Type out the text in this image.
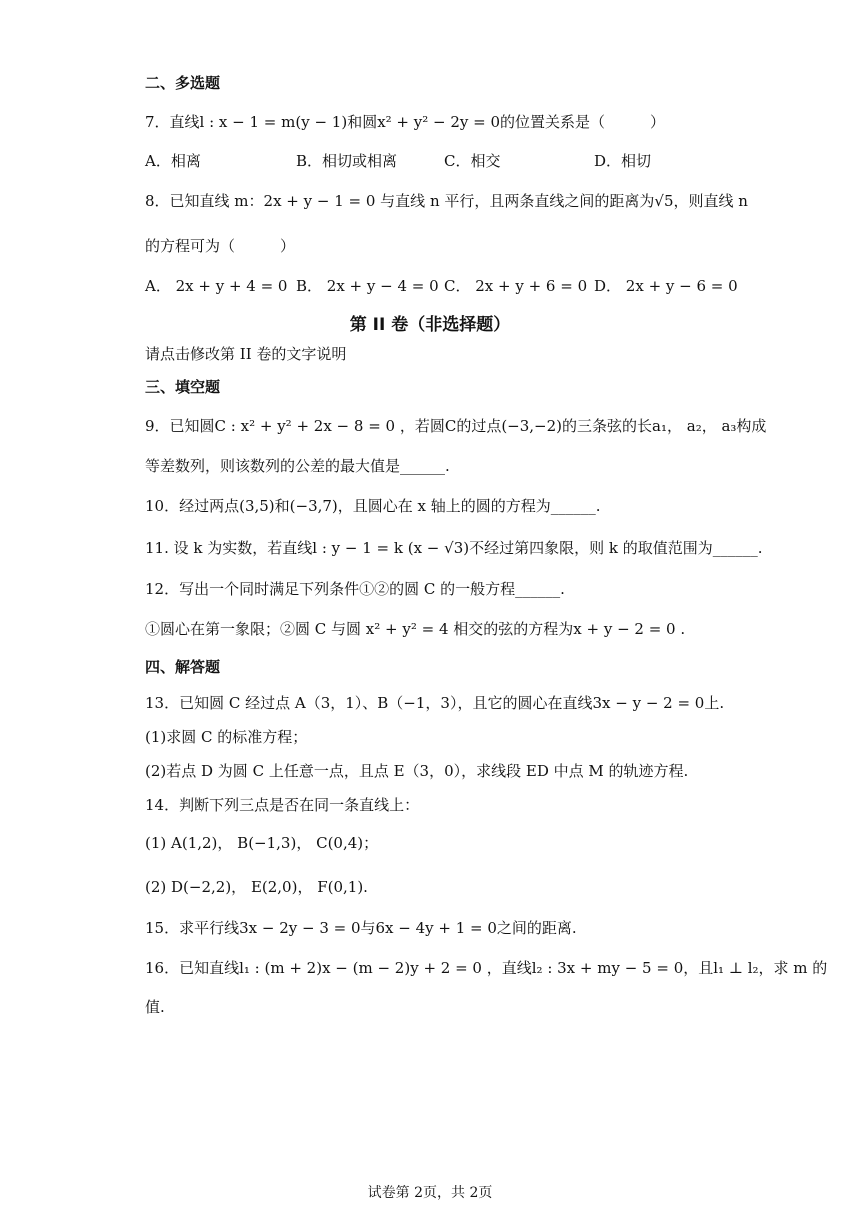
二、多选题
7．直线l : x − 1 = m(y − 1)和圆x² + y² − 2y = 0的位置关系是（　　　）
A．相离	B．相切或相离	C．相交	D．相切
8．已知直线 m：2x + y − 1 = 0 与直线 n 平行，且两条直线之间的距离为√5，则直线 n
的方程可为（　　　）
A． 2x + y + 4 = 0 B． 2x + y − 4 = 0 C． 2x + y + 6 = 0 D． 2x + y − 6 = 0
第 II 卷（非选择题）
请点击修改第 II 卷的文字说明
三、填空题
9．已知圆C : x² + y² + 2x − 8 = 0 ，若圆C的过点(−3,−2)的三条弦的长a₁， a₂， a₃构成
等差数列，则该数列的公差的最大值是______.
10．经过两点(3,5)和(−3,7)，且圆心在 x 轴上的圆的方程为______.
11. 设 k 为实数，若直线l : y − 1 = k (x − √3)不经过第四象限，则 k 的取值范围为______.
12．写出一个同时满足下列条件①②的圆 C 的一般方程______.
①圆心在第一象限；②圆 C 与圆 x² + y² = 4 相交的弦的方程为x + y − 2 = 0 .
四、解答题
13．已知圆 C 经过点 A（3，1）、B（−1，3），且它的圆心在直线3x − y − 2 = 0上.
(1)求圆 C 的标准方程；
(2)若点 D 为圆 C 上任意一点，且点 E（3，0），求线段 ED 中点 M 的轨迹方程.
14．判断下列三点是否在同一条直线上：
(1) A(1,2)， B(−1,3)， C(0,4)；
(2) D(−2,2)， E(2,0)， F(0,1).
15．求平行线3x − 2y − 3 = 0与6x − 4y + 1 = 0之间的距离.
16．已知直线l₁ : (m + 2)x − (m − 2)y + 2 = 0 ，直线l₂ : 3x + my − 5 = 0，且l₁ ⊥ l₂，求 m 的
值.
试卷第 2页，共 2页
